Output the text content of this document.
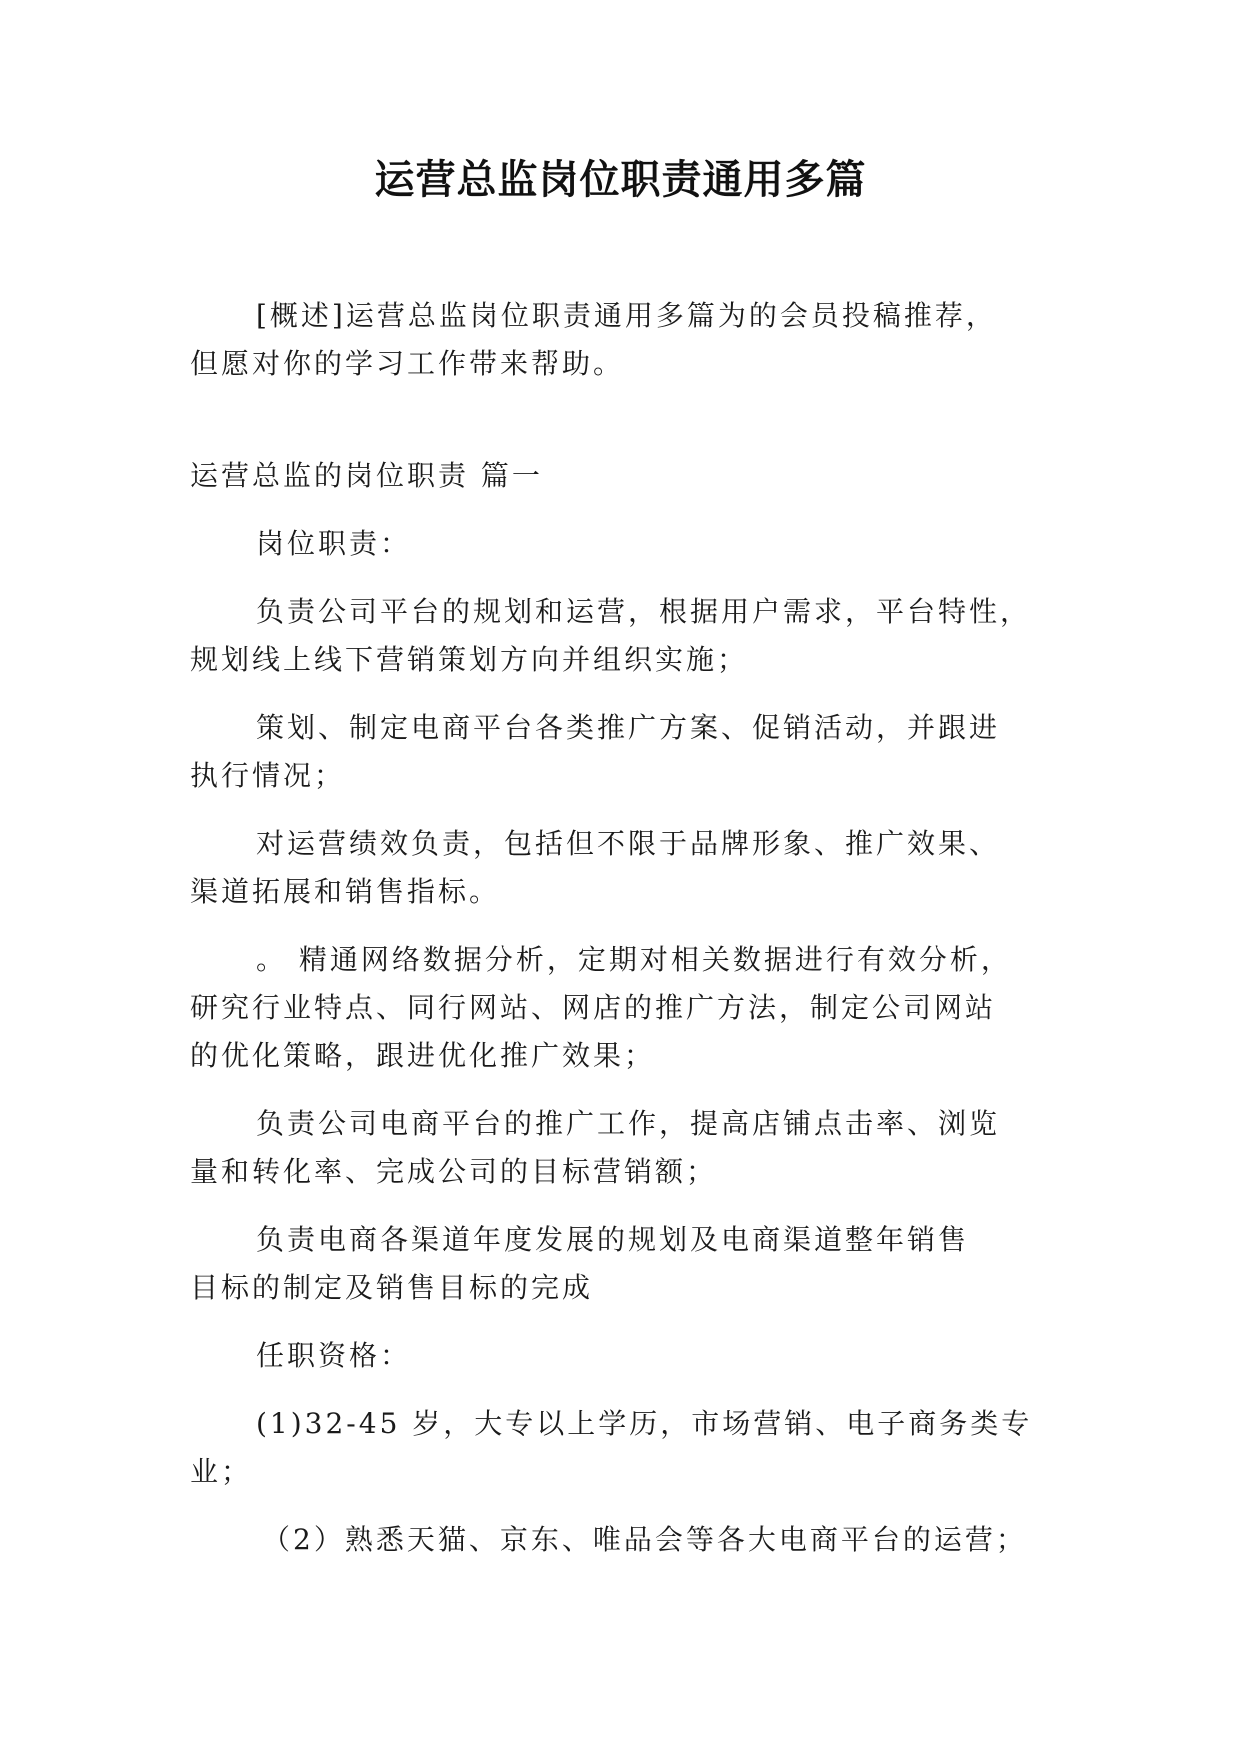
运营总监岗位职责通用多篇
[概述]运营总监岗位职责通用多篇为的会员投稿推荐，
但愿对你的学习工作带来帮助。
运营总监的岗位职责 篇一
岗位职责：
负责公司平台的规划和运营，根据用户需求，平台特性，
规划线上线下营销策划方向并组织实施；
策划、制定电商平台各类推广方案、促销活动，并跟进
执行情况；
对运营绩效负责，包括但不限于品牌形象、推广效果、
渠道拓展和销售指标。
。 精通网络数据分析，定期对相关数据进行有效分析，
研究行业特点、同行网站、网店的推广方法，制定公司网站
的优化策略，跟进优化推广效果；
负责公司电商平台的推广工作，提高店铺点击率、浏览
量和转化率、完成公司的目标营销额；
负责电商各渠道年度发展的规划及电商渠道整年销售
目标的制定及销售目标的完成
任职资格：
(1)32-45 岁，大专以上学历，市场营销、电子商务类专
业；
（2）熟悉天猫、京东、唯品会等各大电商平台的运营；
